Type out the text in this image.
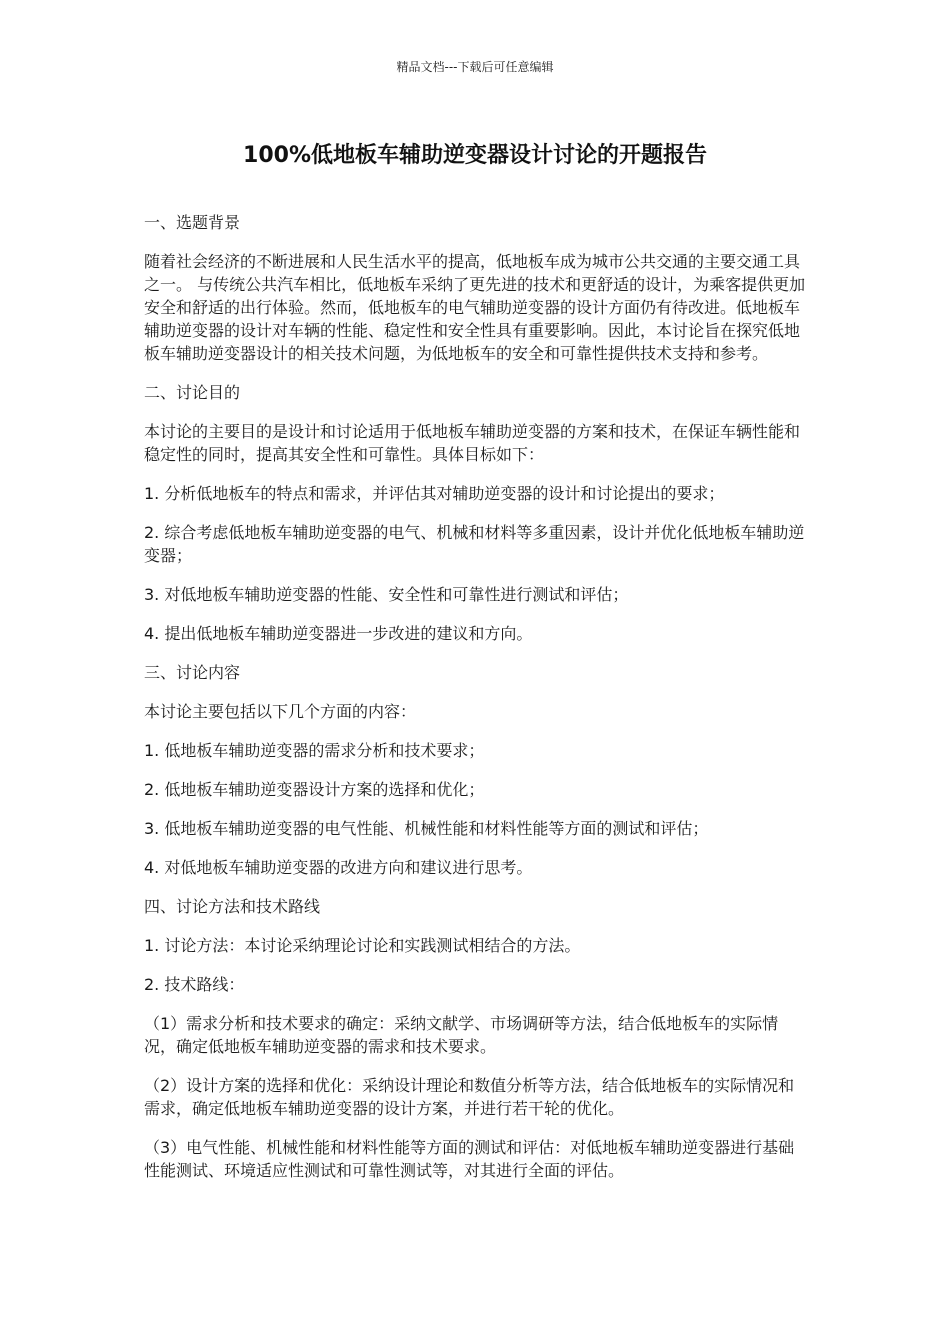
精品文档---下载后可任意编辑
100%低地板车辅助逆变器设计讨论的开题报告

一、选题背景

随着社会经济的不断进展和人民生活水平的提高，低地板车成为城市公共交通的主要交通工具之一。 与传统公共汽车相比，低地板车采纳了更先进的技术和更舒适的设计，为乘客提供更加安全和舒适的出行体验。然而，低地板车的电气辅助逆变器的设计方面仍有待改进。低地板车辅助逆变器的设计对车辆的性能、稳定性和安全性具有重要影响。因此，本讨论旨在探究低地板车辅助逆变器设计的相关技术问题，为低地板车的安全和可靠性提供技术支持和参考。

二、讨论目的

本讨论的主要目的是设计和讨论适用于低地板车辅助逆变器的方案和技术，在保证车辆性能和稳定性的同时，提高其安全性和可靠性。具体目标如下：

1. 分析低地板车的特点和需求，并评估其对辅助逆变器的设计和讨论提出的要求；

2. 综合考虑低地板车辅助逆变器的电气、机械和材料等多重因素，设计并优化低地板车辅助逆变器；

3. 对低地板车辅助逆变器的性能、安全性和可靠性进行测试和评估；

4. 提出低地板车辅助逆变器进一步改进的建议和方向。

三、讨论内容

本讨论主要包括以下几个方面的内容：

1. 低地板车辅助逆变器的需求分析和技术要求；

2. 低地板车辅助逆变器设计方案的选择和优化；

3. 低地板车辅助逆变器的电气性能、机械性能和材料性能等方面的测试和评估；

4. 对低地板车辅助逆变器的改进方向和建议进行思考。

四、讨论方法和技术路线

1. 讨论方法：本讨论采纳理论讨论和实践测试相结合的方法。

2. 技术路线：

（1）需求分析和技术要求的确定：采纳文献学、市场调研等方法，结合低地板车的实际情况，确定低地板车辅助逆变器的需求和技术要求。

（2）设计方案的选择和优化：采纳设计理论和数值分析等方法，结合低地板车的实际情况和需求，确定低地板车辅助逆变器的设计方案，并进行若干轮的优化。

（3）电气性能、机械性能和材料性能等方面的测试和评估：对低地板车辅助逆变器进行基础性能测试、环境适应性测试和可靠性测试等，对其进行全面的评估。
